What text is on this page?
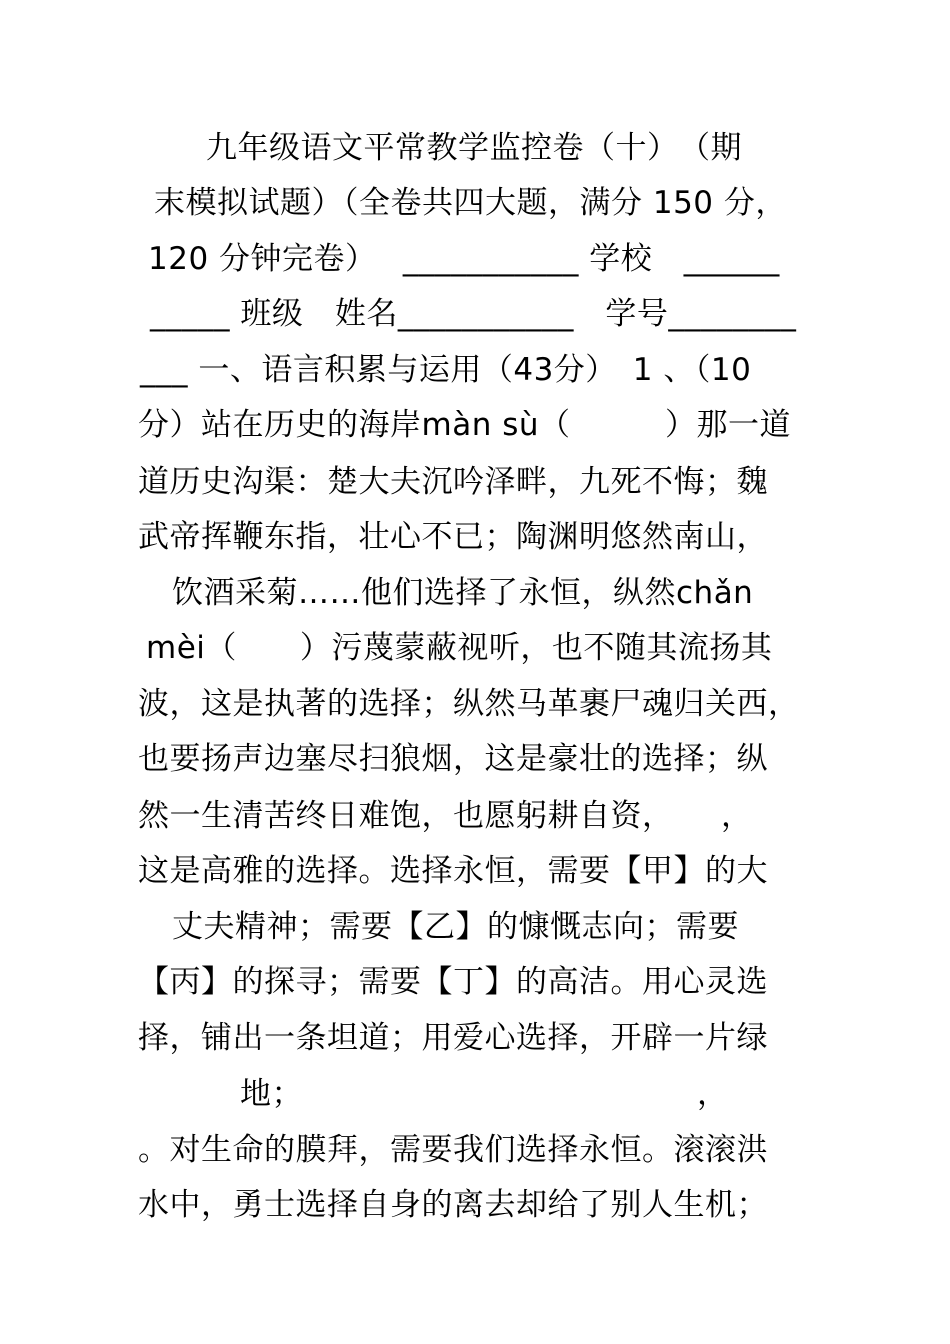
九年级语文平常教学监控卷（十）　（期
末模拟试题）（全卷共四大题，满分 150 分，
120 分钟完卷）　 ___________ 学校　______
_____ 班级　姓名___________　学号________
___ 一、语言积累与运用（43分）　1 、（10
分）站在历史的海岸màn sù（　　　）那一道
道历史沟渠：楚大夫沉吟泽畔，九死不悔；魏
武帝挥鞭东指，壮心不已；陶渊明悠然南山，
饮酒采菊……他们选择了永恒，纵然chǎn
mèi（　　）污蔑蒙蔽视听，也不随其流扬其
波，这是执著的选择；纵然马革裹尸魂归关西，
也要扬声边塞尽扫狼烟，这是豪壮的选择；纵
然一生清苦终日难饱，也愿躬耕自资，　　，
这是高雅的选择。选择永恒，需要【甲】的大
丈夫精神；需要【乙】的慷慨志向；需要
【丙】的探寻；需要【丁】的高洁。用心灵选
择，铺出一条坦道；用爱心选择，开辟一片绿
地；　　　　　　　　　　　　　，
。对生命的膜拜，需要我们选择永恒。滚滚洪
水中，勇士选择自身的离去却给了别人生机；
